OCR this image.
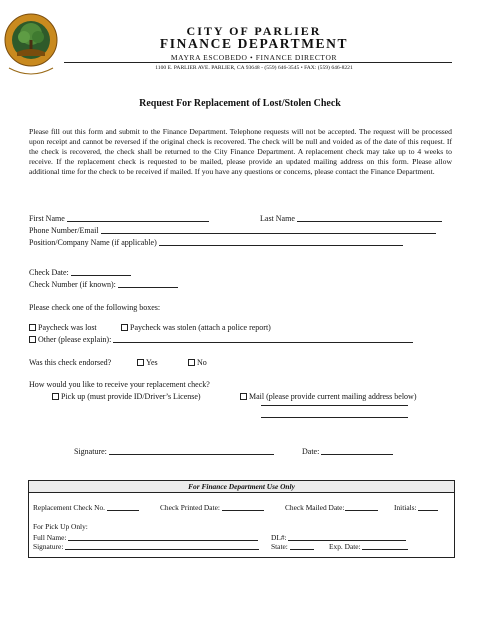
CITY OF PARLIER
FINANCE DEPARTMENT
MAYRA ESCOBEDO • FINANCE DIRECTOR
1100 E. PARLIER AVE. PARLIER, CA 93648 - (559) 646-3545 • FAX: (559) 646-8221
Request For Replacement of Lost/Stolen Check
Please fill out this form and submit to the Finance Department. Telephone requests will not be accepted. The request will be processed upon receipt and cannot be reversed if the original check is recovered. The check will be null and voided as of the date of this request. If the check is recovered, the check shall be returned to the City Finance Department. A replacement check may take up to 4 weeks to receive. If the replacement check is requested to be mailed, please provide an updated mailing address on this form. Please allow additional time for the check to be received if mailed. If you have any questions or concerns, please contact the Finance Department.
First Name	Last Name
Phone Number/Email
Position/Company Name (if applicable)
Check Date:
Check Number (if known):
Please check one of the following boxes:
Paycheck was lost	Paycheck was stolen (attach a police report)
Other (please explain):
Was this check endorsed?	Yes	No
How would you like to receive your replacement check?
Pick up (must provide ID/Driver’s License)	Mail (please provide current mailing address below)
Signature:	Date:
For Finance Department Use Only
Replacement Check No.	Check Printed Date:	Check Mailed Date:	Initials:
For Pick Up Only:
Full Name:	DL#:
Signature:	State:	Exp. Date:
